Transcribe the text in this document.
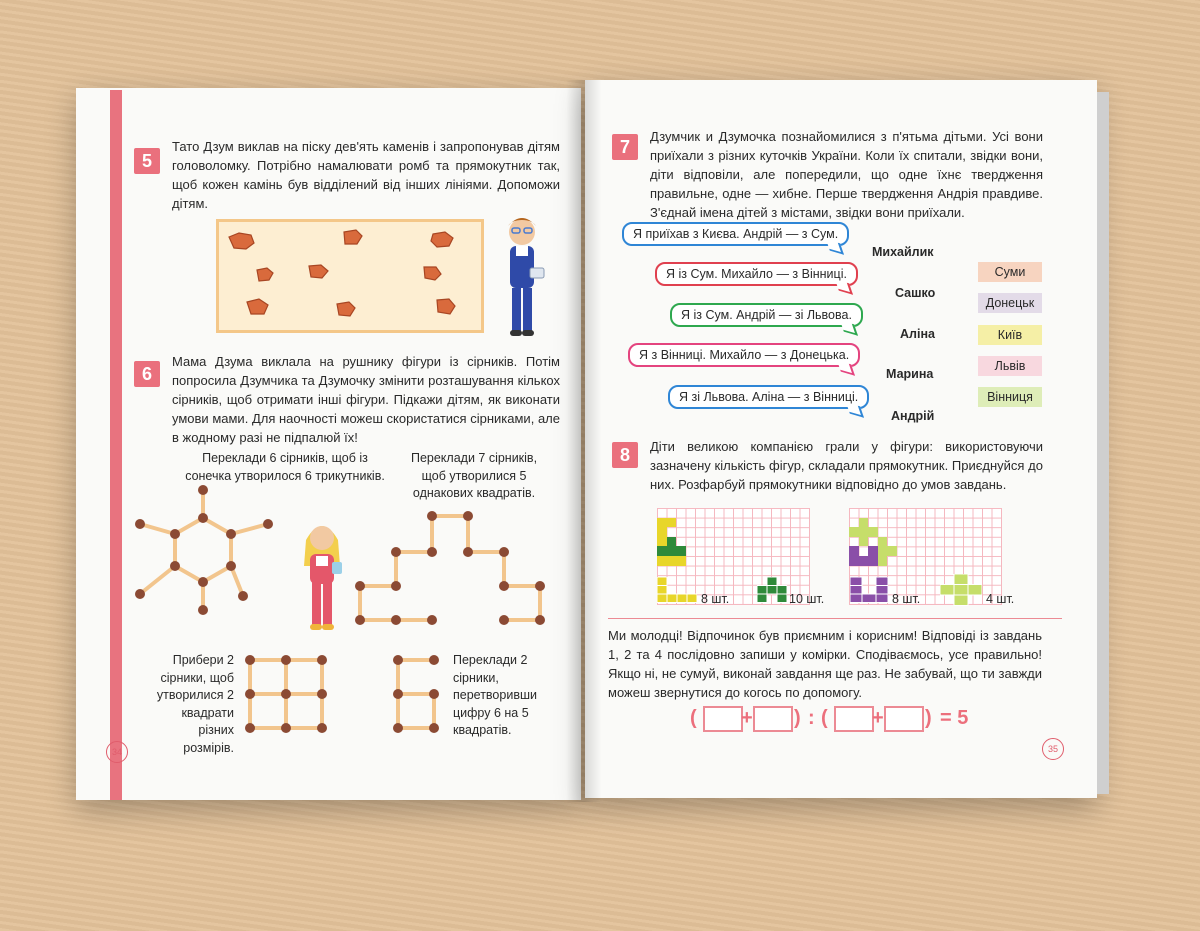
5

Тато Дзум виклав на піску дев'ять каменів і запропонував дітям головоломку. Потрібно намалювати ромб та прямокутник так, щоб кожен камінь був відділений від інших лініями. Допоможи дітям.

6

Мама Дзума виклала на рушнику фігури із сірників. Потім попросила Дзумчика та Дзумочку змінити розташування кількох сірників, щоб отримати інші фігури. Підкажи дітям, як виконати умови мами. Для наочності можеш скористатися сірниками, але в жодному разі не підпалюй їх!

Переклади 6 сірників, щоб із сонечка утворилося 6 трикутників.

Переклади 7 сірників, щоб утворилися 5 однакових квадратів.

Прибери 2 сірники, щоб утворилися 2 квадрати різних розмірів.

Переклади 2 сірники, перетворивши цифру 6 на 5 квадратів.

34
7

Дзумчик и Дзумочка познайомилися з п'ятьма дітьми. Усі вони приїхали з різних куточків України. Коли їх спитали, звідки вони, діти відповіли, але попередили, що одне їхнє твердження правильне, одне — хибне. Перше твердження Андрія правдиве. З'єднай імена дітей з містами, звідки вони приїхали.

Я приїхав з Києва. Андрій — з Сум.
Михайлик
Я із Сум. Михайло — з Вінниці.
Сашко
Я із Сум. Андрій — зі Львова.
Аліна
Я з Вінниці. Михайло — з Донецька.
Марина
Я зі Львова. Аліна — з Вінниці.
Андрій
Суми
Донецьк
Київ
Львів
Вінниця
8	Діти великою компанією грали у фігури: використовуючи зазначену кількість фігур, складали прямокутник. Приєднуйся до них. Розфарбуй прямокутники відповідно до умов завдань.

8 шт.	10 шт.	8 шт.	4 шт.

Ми молодці! Відпочинок був приємним і корисним! Відповіді із завдань 1, 2 та 4 послідовно запиши у комірки. Сподіваємось, усе правильно! Якщо ні, не сумуй, виконай завдання ще раз. Не забувай, що ти завжди можеш звернутися до когось по допомогу.

( + ) : ( + ) = 5
35
